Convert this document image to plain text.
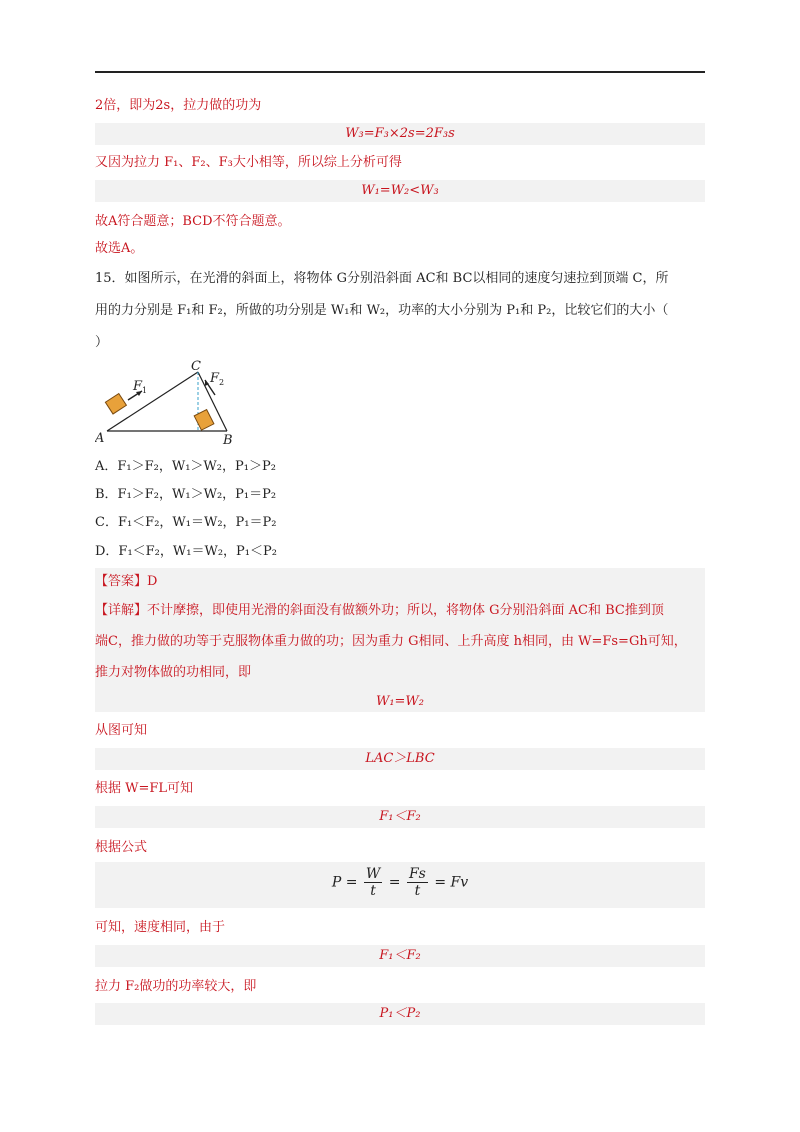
2倍，即为2s，拉力做的功为
W₃=F₃×2s=2F₃s
又因为拉力 F₁、F₂、F₃大小相等，所以综上分析可得
W₁=W₂<W₃
故A符合题意；BCD不符合题意。
故选A。
15．如图所示，在光滑的斜面上，将物体 G分别沿斜面 AC和 BC以相同的速度匀速拉到顶端 C，所
用的力分别是 F₁和 F₂，所做的功分别是 W₁和 W₂，功率的大小分别为 P₁和 P₂，比较它们的大小（
）
A	B
C
F 1
F 2
A．F₁＞F₂，W₁＞W₂，P₁＞P₂
B．F₁＞F₂，W₁＞W₂，P₁＝P₂
C．F₁＜F₂，W₁＝W₂，P₁＝P₂
D．F₁＜F₂，W₁＝W₂，P₁＜P₂
【答案】D
【详解】不计摩擦，即使用光滑的斜面没有做额外功；所以，将物体 G分别沿斜面 AC和 BC推到顶
端C，推力做的功等于克服物体重力做的功；因为重力 G相同、上升高度 h相同，由 W=Fs=Gh可知，
推力对物体做的功相同，即
W₁=W₂
从图可知
LAC＞LBC
根据 W=FL可知
F₁＜F₂
根据公式
$P = \frac{W}{t} = \frac{Fs}{t} = Fv$
可知，速度相同，由于
F₁＜F₂
拉力 F₂做功的功率较大，即
P₁＜P₂
